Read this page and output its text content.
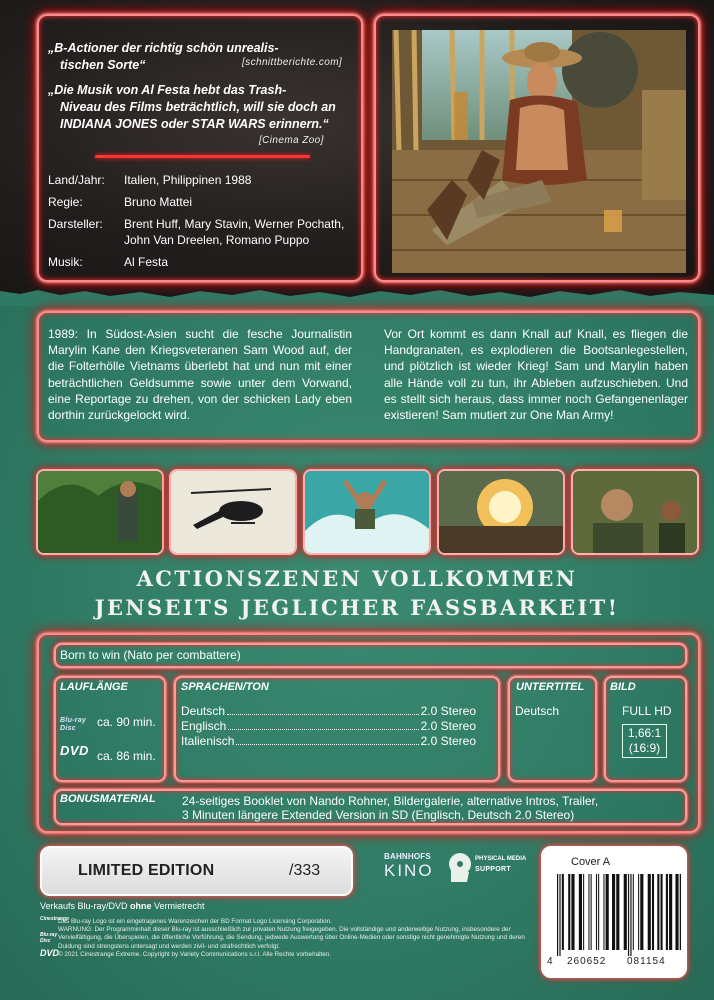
„B-Actioner der richtig schön unrealis-
tischen Sorte“	[schnittberichte.com]
„Die Musik von Al Festa hebt das Trash-
Niveau des Films beträchtlich, will sie doch an
INDIANA JONES oder STAR WARS erinnern.“
[Cinema Zoo]
Land/Jahr:	Italien, Philippinen 1988
Regie:	Bruno Mattei
Darsteller:	Brent Huff, Mary Stavin, Werner Pochath, John Van Dreelen, Romano Puppo
Musik:	Al Festa
1989: In Südost-Asien sucht die fesche Journalistin Marylin Kane den Kriegsveteranen Sam Wood auf, der die Folterhölle Vietnams überlebt hat und nun mit einer beträchtlichen Geldsumme sowie unter dem Vorwand, eine Reportage zu drehen, von der schicken Lady eben dorthin zurückgelockt wird.
Vor Ort kommt es dann Knall auf Knall, es fliegen die Handgranaten, es explodieren die Bootsanlegestellen, und plötzlich ist wieder Krieg! Sam und Marylin haben alle Hände voll zu tun, ihr Ableben aufzuschieben. Und es stellt sich heraus, dass immer noch Gefangenenlager existieren! Sam mutiert zur One Man Army!
ACTIONSZENEN VOLLKOMMEN
JENSEITS JEGLICHER FASSBARKEIT!
Born to win (Nato per combattere)
LAUFLÄNGE
Blu-ray Disc	ca. 90 min.
DVD ca. 86 min.
SPRACHEN/TON
Deutsch	2.0 Stereo
Englisch	2.0 Stereo
Italienisch	2.0 Stereo
UNTERTITEL
Deutsch
BILD
FULL HD
1,66:1
(16:9)
BONUSMATERIAL 24-seitiges Booklet von Nando Rohner, Bildergalerie, alternative Intros, Trailer,
3 Minuten längere Extended Version in SD (Englisch, Deutsch 2.0 Stereo)
LIMITED EDITION	/333
BAHNHOFS
KINO
PHYSICAL MEDIA
SUPPORT
Cover A
4 260652 081154
Verkaufs Blu-ray/DVD ohne Vermietrecht
Cinestrange
Blu-ray Disc
DVD
Das Blu-ray Logo ist ein eingetragenes Warenzeichen der BD Format Logo Licensing Corporation.
WARNUNG: Der Programminhalt dieser Blu-ray ist ausschließlich zur privaten Nutzung freigegeben. Die vollständige und anderweitige Nutzung, insbesondere der Vervielfältigung, die Überspielen, die öffentliche Vorführung, die Sendung, jedwede Auswertung über Online-Medien oder sonstige nicht genehmigte Nutzung und deren Duldung sind strengstens untersagt und werden zivil- und strafrechtlich verfolgt.
© 2021 Cinestrange Extreme. Copyright by Variety Communications s.r.l. Alle Rechte vorbehalten.
